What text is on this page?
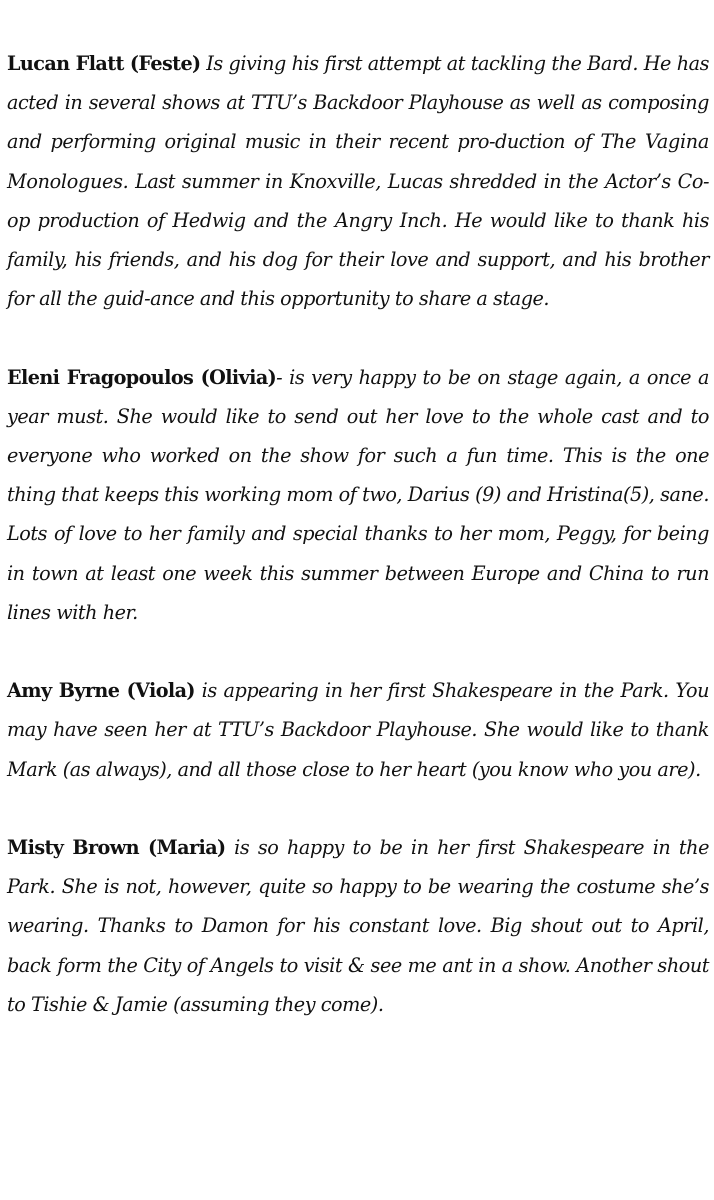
Lucan Flatt (Feste) Is giving his first attempt at tackling the Bard. He has acted in several shows at TTU’s Backdoor Playhouse as well as composing and performing original music in their recent pro-duction of The Vagina Monologues. Last summer in Knoxville, Lucas shredded in the Actor’s Co-op production of Hedwig and the Angry Inch. He would like to thank his family, his friends, and his dog for their love and support, and his brother for all the guid-ance and this opportunity to share a stage.

Eleni Fragopoulos (Olivia)- is very happy to be on stage again, a once a year must. She would like to send out her love to the whole cast and to everyone who worked on the show for such a fun time. This is the one thing that keeps this working mom of two, Darius (9) and Hristina(5), sane. Lots of love to her family and special thanks to her mom, Peggy, for being in town at least one week this summer between Europe and China to run lines with her.

Amy Byrne (Viola) is appearing in her first Shakespeare in the Park. You may have seen her at TTU’s Backdoor Playhouse. She would like to thank Mark (as always), and all those close to her heart (you know who you are).

Misty Brown (Maria) is so happy to be in her first Shakespeare in the Park. She is not, however, quite so happy to be wearing the costume she’s wearing. Thanks to Damon for his constant love. Big shout out to April, back form the City of Angels to visit & see me ant in a show. Another shout to Tishie & Jamie (assuming they come).
